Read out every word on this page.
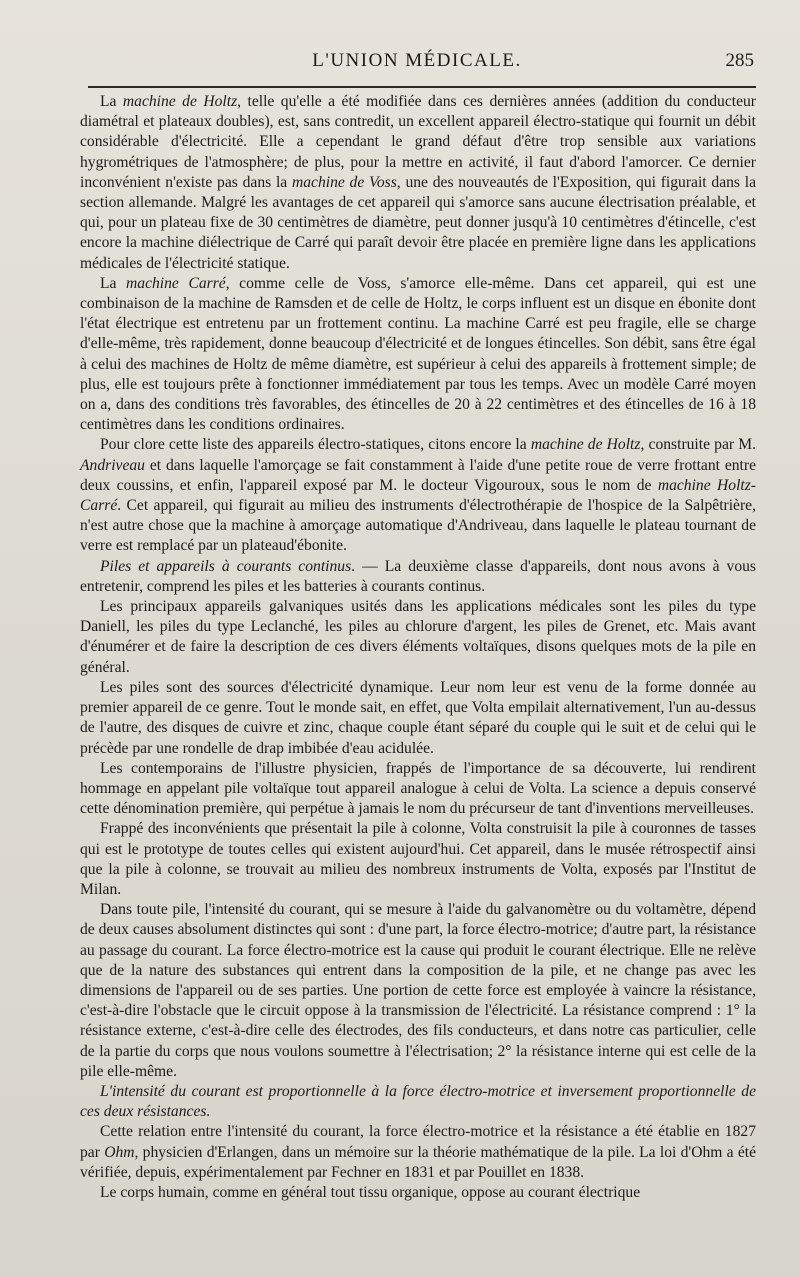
L'UNION MÉDICALE.	285

La machine de Holtz, telle qu'elle a été modifiée dans ces dernières années (addition du conducteur diamétral et plateaux doubles), est, sans contredit, un excellent appareil électro-statique qui fournit un débit considérable d'électricité. Elle a cependant le grand défaut d'être trop sensible aux variations hygrométriques de l'atmosphère; de plus, pour la mettre en activité, il faut d'abord l'amorcer. Ce dernier inconvénient n'existe pas dans la machine de Voss, une des nouveautés de l'Exposition, qui figurait dans la section allemande. Malgré les avantages de cet appareil qui s'amorce sans aucune électrisation préalable, et qui, pour un plateau fixe de 30 centimètres de diamètre, peut donner jusqu'à 10 centimètres d'étincelle, c'est encore la machine diélectrique de Carré qui paraît devoir être placée en première ligne dans les applications médicales de l'électricité statique.

La machine Carré, comme celle de Voss, s'amorce elle-même. Dans cet appareil, qui est une combinaison de la machine de Ramsden et de celle de Holtz, le corps influent est un disque en ébonite dont l'état électrique est entretenu par un frottement continu. La machine Carré est peu fragile, elle se charge d'elle-même, très rapidement, donne beaucoup d'électricité et de longues étincelles. Son débit, sans être égal à celui des machines de Holtz de même diamètre, est supérieur à celui des appareils à frottement simple; de plus, elle est toujours prête à fonctionner immédiatement par tous les temps. Avec un modèle Carré moyen on a, dans des conditions très favorables, des étincelles de 20 à 22 centimètres et des étincelles de 16 à 18 centimètres dans les conditions ordinaires.

Pour clore cette liste des appareils électro-statiques, citons encore la machine de Holtz, construite par M. Andriveau et dans laquelle l'amorçage se fait constamment à l'aide d'une petite roue de verre frottant entre deux coussins, et enfin, l'appareil exposé par M. le docteur Vigouroux, sous le nom de machine Holtz-Carré. Cet appareil, qui figurait au milieu des instruments d'électrothérapie de l'hospice de la Salpêtrière, n'est autre chose que la machine à amorçage automatique d'Andriveau, dans laquelle le plateau tournant de verre est remplacé par un plateaud'ébonite.

Piles et appareils à courants continus. — La deuxième classe d'appareils, dont nous avons à vous entretenir, comprend les piles et les batteries à courants continus.

Les principaux appareils galvaniques usités dans les applications médicales sont les piles du type Daniell, les piles du type Leclanché, les piles au chlorure d'argent, les piles de Grenet, etc. Mais avant d'énumérer et de faire la description de ces divers éléments voltaïques, disons quelques mots de la pile en général.

Les piles sont des sources d'électricité dynamique. Leur nom leur est venu de la forme donnée au premier appareil de ce genre. Tout le monde sait, en effet, que Volta empilait alternativement, l'un au-dessus de l'autre, des disques de cuivre et zinc, chaque couple étant séparé du couple qui le suit et de celui qui le précède par une rondelle de drap imbibée d'eau acidulée.

Les contemporains de l'illustre physicien, frappés de l'importance de sa découverte, lui rendirent hommage en appelant pile voltaïque tout appareil analogue à celui de Volta. La science a depuis conservé cette dénomination première, qui perpétue à jamais le nom du précurseur de tant d'inventions merveilleuses.

Frappé des inconvénients que présentait la pile à colonne, Volta construisit la pile à couronnes de tasses qui est le prototype de toutes celles qui existent aujourd'hui. Cet appareil, dans le musée rétrospectif ainsi que la pile à colonne, se trouvait au milieu des nombreux instruments de Volta, exposés par l'Institut de Milan.

Dans toute pile, l'intensité du courant, qui se mesure à l'aide du galvanomètre ou du voltamètre, dépend de deux causes absolument distinctes qui sont : d'une part, la force électro-motrice; d'autre part, la résistance au passage du courant. La force électro-motrice est la cause qui produit le courant électrique. Elle ne relève que de la nature des substances qui entrent dans la composition de la pile, et ne change pas avec les dimensions de l'appareil ou de ses parties. Une portion de cette force est employée à vaincre la résistance, c'est-à-dire l'obstacle que le circuit oppose à la transmission de l'électricité. La résistance comprend : 1° la résistance externe, c'est-à-dire celle des électrodes, des fils conducteurs, et dans notre cas particulier, celle de la partie du corps que nous voulons soumettre à l'électrisation; 2° la résistance interne qui est celle de la pile elle-même.

L'intensité du courant est proportionnelle à la force électro-motrice et inversement proportionnelle de ces deux résistances.

Cette relation entre l'intensité du courant, la force électro-motrice et la résistance a été établie en 1827 par Ohm, physicien d'Erlangen, dans un mémoire sur la théorie mathématique de la pile. La loi d'Ohm a été vérifiée, depuis, expérimentalement par Fechner en 1831 et par Pouillet en 1838.

Le corps humain, comme en général tout tissu organique, oppose au courant électrique
